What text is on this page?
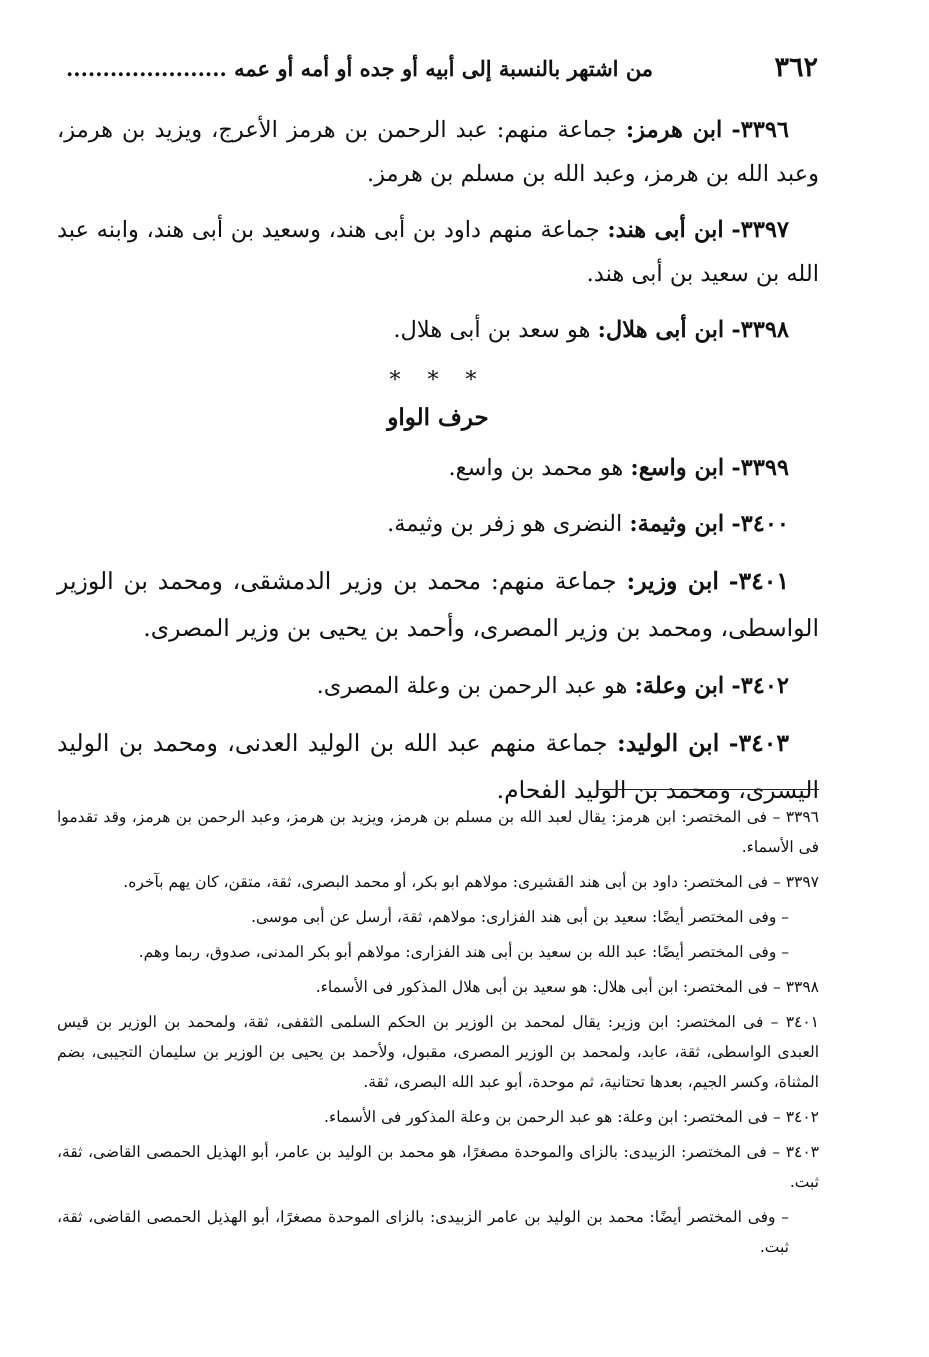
٣٦٢
من اشتهر بالنسبة إلى أبيه أو جده أو أمه أو عمه ......................

٣٣٩٦- ابن هرمز: جماعة منهم: عبد الرحمن بن هرمز الأعرج، ويزيد بن هرمز، وعبد الله بن هرمز، وعبد الله بن مسلم بن هرمز.

٣٣٩٧- ابن أبى هند: جماعة منهم داود بن أبى هند، وسعيد بن أبى هند، وابنه عبد الله بن سعيد بن أبى هند.

٣٣٩٨- ابن أبى هلال: هو سعد بن أبى هلال.

* * *
حرف الواو

٣٣٩٩- ابن واسع: هو محمد بن واسع.

٣٤٠٠- ابن وثيمة: النضرى هو زفر بن وثيمة.

٣٤٠١- ابن وزير: جماعة منهم: محمد بن وزير الدمشقى، ومحمد بن الوزير الواسطى، ومحمد بن وزير المصرى، وأحمد بن يحيى بن وزير المصرى.

٣٤٠٢- ابن وعلة: هو عبد الرحمن بن وعلة المصرى.

٣٤٠٣- ابن الوليد: جماعة منهم عبد الله بن الوليد العدنى، ومحمد بن الوليد اليسرى، ومحمد بن الوليد الفحام.

٣٣٩٦ – فى المختصر: ابن هرمز: يقال لعبد الله بن مسلم بن هرمز، ويزيد بن هرمز، وعبد الرحمن بن هرمز، وقد تقدموا فى الأسماء.

٣٣٩٧ – فى المختصر: داود بن أبى هند القشيرى: مولاهم ابو بكر، أو محمد البصرى، ثقة، متقن، كان يهم بآخره.

– وفى المختصر أيضًا: سعيد بن أبى هند الفزارى: مولاهم، ثقة، أرسل عن أبى موسى.

– وفى المختصر أيضًا: عبد الله بن سعيد بن أبى هند الفزارى: مولاهم أبو بكر المدنى، صدوق، ربما وهم.

٣٣٩٨ – فى المختصر: ابن أبى هلال: هو سعيد بن أبى هلال المذكور فى الأسماء.

٣٤٠١ – فى المختصر: ابن وزير: يقال لمحمد بن الوزير بن الحكم السلمى الثقفى، ثقة، ولمحمد بن الوزير بن قيس العبدى الواسطى، ثقة، عابد، ولمحمد بن الوزير المصرى، مقبول، ولأحمد بن يحيى بن الوزير بن سليمان التجيبى، بضم المثناة، وكسر الجيم، بعدها تحتانية، ثم موحدة، أبو عبد الله البصرى، ثقة.

٣٤٠٢ – فى المختصر: ابن وعلة: هو عبد الرحمن بن وعلة المذكور فى الأسماء.

٣٤٠٣ – فى المختصر: الزبيدى: بالزاى والموحدة مصغرًا، هو محمد بن الوليد بن عامر، أبو الهذيل الحمصى القاضى، ثقة، ثبت.

– وفى المختصر أيضًا: محمد بن الوليد بن عامر الزبيدى: بالزاى الموحدة مصغرًا، أبو الهذيل الحمصى القاضى، ثقة، ثبت.
